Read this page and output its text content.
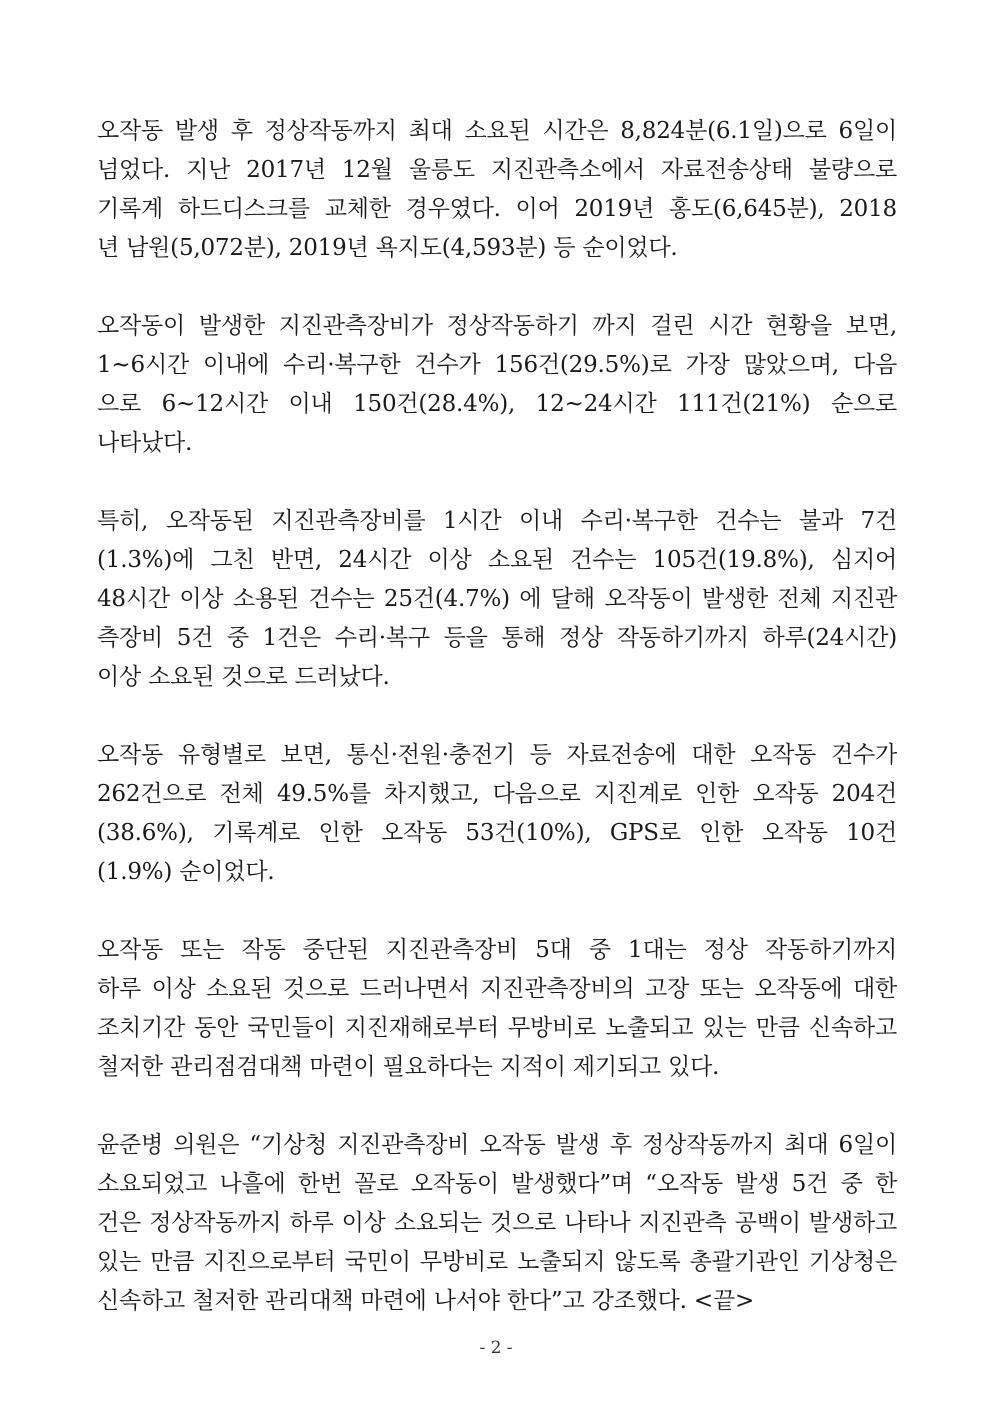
오작동 발생 후 정상작동까지 최대 소요된 시간은 8,824분(6.1일)으로 6일이
넘었다. 지난 2017년 12월 울릉도 지진관측소에서 자료전송상태 불량으로
기록계 하드디스크를 교체한 경우였다. 이어 2019년 홍도(6,645분), 2018
년 남원(5,072분), 2019년 욕지도(4,593분) 등 순이었다.
오작동이 발생한 지진관측장비가 정상작동하기 까지 걸린 시간 현황을 보면,
1~6시간 이내에 수리·복구한 건수가 156건(29.5%)로 가장 많았으며, 다음
으로 6~12시간 이내 150건(28.4%), 12~24시간 111건(21%) 순으로
나타났다.
특히, 오작동된 지진관측장비를 1시간 이내 수리·복구한 건수는 불과 7건
(1.3%)에 그친 반면, 24시간 이상 소요된 건수는 105건(19.8%), 심지어
48시간 이상 소용된 건수는 25건(4.7%) 에 달해 오작동이 발생한 전체 지진관
측장비 5건 중 1건은 수리·복구 등을 통해 정상 작동하기까지 하루(24시간)
이상 소요된 것으로 드러났다.
오작동 유형별로 보면, 통신·전원·충전기 등 자료전송에 대한 오작동 건수가
262건으로 전체 49.5%를 차지했고, 다음으로 지진계로 인한 오작동 204건
(38.6%), 기록계로 인한 오작동 53건(10%), GPS로 인한 오작동 10건
(1.9%) 순이었다.
오작동 또는 작동 중단된 지진관측장비 5대 중 1대는 정상 작동하기까지
하루 이상 소요된 것으로 드러나면서 지진관측장비의 고장 또는 오작동에 대한
조치기간 동안 국민들이 지진재해로부터 무방비로 노출되고 있는 만큼 신속하고
철저한 관리점검대책 마련이 필요하다는 지적이 제기되고 있다.
윤준병 의원은 “기상청 지진관측장비 오작동 발생 후 정상작동까지 최대 6일이
소요되었고 나흘에 한번 꼴로 오작동이 발생했다”며 “오작동 발생 5건 중 한
건은 정상작동까지 하루 이상 소요되는 것으로 나타나 지진관측 공백이 발생하고
있는 만큼 지진으로부터 국민이 무방비로 노출되지 않도록 총괄기관인 기상청은
신속하고 철저한 관리대책 마련에 나서야 한다”고 강조했다. <끝>
- 2 -
